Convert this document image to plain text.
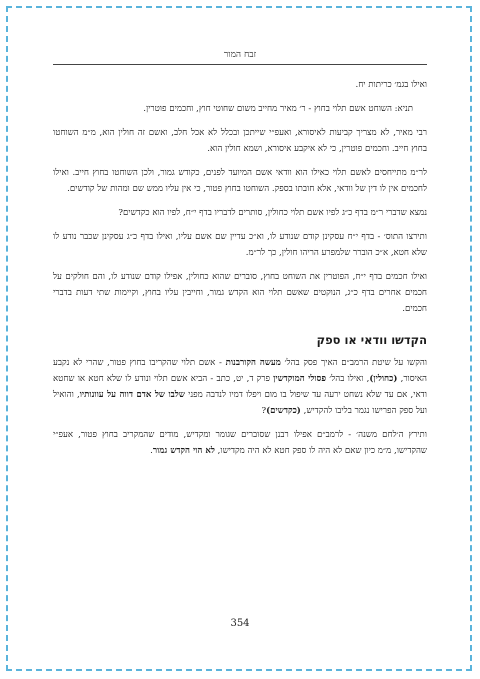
זבח המור

ואילו בגמ׳ כריתות יח.

תניא: השוחט אשם תלוי בחוץ - ר׳ מאיר מחייב משום שחוטי חוץ, וחכמים פוטרין.

רבי מאיר, לא מצריך קביעות לאיסורא, ואעפ״י שייתכן ובכלל לא אכל חלב, ואשם זה חולין הוא, מ״מ השוחטו בחוץ חייב. וחכמים פוטרין, כי לא איקבע איסורא, ושמא חולין הוא.

לר״מ מתייחסים לאשם תלוי כאילו הוא וודאי אשם המיועד לפנים, כקודש גמור, ולכן השוחטו בחוץ חייב. ואילו לחכמים אין לו דין של וודאי, אלא חובתו בספק. השוחטו בחוץ פטור, כי אין עליו ממש שם ומהות של קודשים.

נמצא שדברי ר״מ בדף כ״ג לפיו אשם תלוי כחולין, סותרים לדבריו בדף י״ח, לפיו הוא כקדשים?

ותירצו התוס׳ - בדף י״ח עסקינן קודם שנודע לו, וא״כ עדיין שם אשם עליו, ואילו בדף כ״ג עסקינן שכבר נודע לו שלא חטא, א״כ הוברר שלמפרע הריהו חולין, כך לר״מ.

ואילו חכמים בדף י״ח, הפוטרין את השוחט בחוץ, סוברים שהוא כחולין, אפילו קודם שנודע לו, והם חולקים על חכמים אחרים בדף כ״ג, הנוקטים שאשם תלוי הוא הקדש גמור, וחייבין עליו בחוץ, וקיימות שתי דעות בדברי חכמים.

הקדשו וודאי או ספק

והקשו על שיטת הרמב״ם האיך פסק בהל׳ מעשה הקורבנות - אשם תלוי שהקריבו בחוץ פטור, שהרי לא נקבע האיסור, (כחולין), ואילו בהל׳ פסולי המוקדשין פרק ד, יט, כתב - הביא אשם תלוי ונודע לו שלא חטא או שחטא ודאי, אם עד שלא נשחט ירעה עד שיפול בו מום ויפלו דמיו לנדבה מפני שלבו של אדם דווה על עוונותיו, והואיל ועל ספק הפרישו נגמר בליבו להקדיש, (כקדשים)?

ותירץ ה׳לחם משנה׳ - לרמב״ם אפילו רבנן שסוברים שגומר ומקדיש, מודים שהמקריב בחוץ פטור, אעפ״י שהקדישו, מ״מ כיון שאם לא היה לו ספק חטא לא היה מקדישו, לא הוי הקדש גמור.

354
